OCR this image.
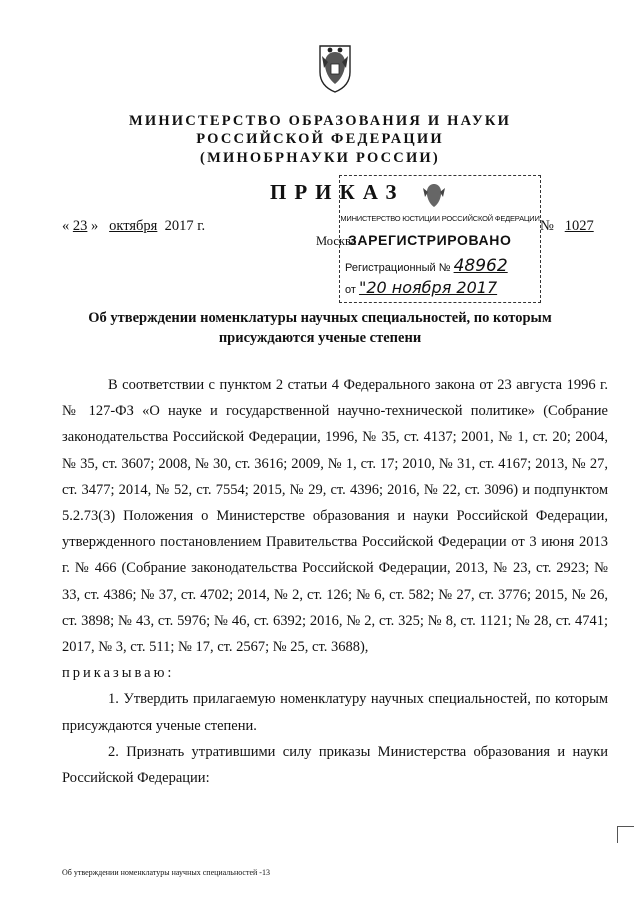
МИНИСТЕРСТВО ОБРАЗОВАНИЯ И НАУКИ
РОССИЙСКОЙ ФЕДЕРАЦИИ
(МИНОБРНАУКИ РОССИИ)
ПРИКАЗ
« 23 » октября 2017 г.
Москва
№ 1027
МИНИСТЕРСТВО ЮСТИЦИИ РОССИЙСКОЙ ФЕДЕРАЦИИ
ЗАРЕГИСТРИРОВАНО
Регистрационный № 48962
от "20 ноября 2017
Об утверждении номенклатуры научных специальностей, по которым
присуждаются ученые степени

В соответствии с пунктом 2 статьи 4 Федерального закона от 23 августа 1996 г. № 127-ФЗ «О науке и государственной научно-технической политике» (Собрание законодательства Российской Федерации, 1996, № 35, ст. 4137; 2001, № 1, ст. 20; 2004, № 35, ст. 3607; 2008, № 30, ст. 3616; 2009, № 1, ст. 17; 2010, № 31, ст. 4167; 2013, № 27, ст. 3477; 2014, № 52, ст. 7554; 2015, № 29, ст. 4396; 2016, № 22, ст. 3096) и подпунктом 5.2.73(3) Положения о Министерстве образования и науки Российской Федерации, утвержденного постановлением Правительства Российской Федерации от 3 июня 2013 г. № 466 (Собрание законодательства Российской Федерации, 2013, № 23, ст. 2923; № 33, ст. 4386; № 37, ст. 4702; 2014, № 2, ст. 126; № 6, ст. 582; № 27, ст. 3776; 2015, № 26, ст. 3898; № 43, ст. 5976; № 46, ст. 6392; 2016, № 2, ст. 325; № 8, ст. 1121; № 28, ст. 4741; 2017, № 3, ст. 511; № 17, ст. 2567; № 25, ст. 3688),

приказываю:

1. Утвердить прилагаемую номенклатуру научных специальностей, по которым присуждаются ученые степени.

2. Признать утратившими силу приказы Министерства образования и науки Российской Федерации:

Об утверждении номенклатуры научных специальностей -13
